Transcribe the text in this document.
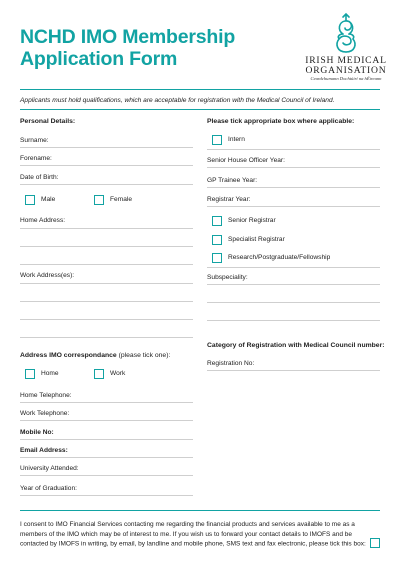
NCHD IMO Membership
Application Form	IRISH MEDICAL
ORGANISATION
Ceardchumann Dochtúirí na hÉireann
Applicants must hold qualifications, which are acceptable for registration with the Medical Council of Ireland.
Personal Details:
Surname:
Forename:
Date of Birth:
Male	Female
Home Address:
Work Address(es):
Address IMO correspondance (please tick one):
Home	Work
Home Telephone:
Work Telephone:
Mobile No:
Email Address:
University Attended:
Year of Graduation:
Please tick appropriate box where applicable:
Intern
Senior House Officer Year:
GP Trainee Year:
Registrar Year:
Senior Registrar
Specialist Registrar
Research/Postgraduate/Fellowship
Subspeciality:
Category of Registration with Medical Council number:
Registration No:
I consent to IMO Financial Services contacting me regarding the financial products and services available to me as a members of the IMO which may be of interest to me. If you wish us to forward your contact details to IMOFS and be contacted by IMOFS in writing, by email, by landline and mobile phone, SMS text and fax electronic, please tick this box:
